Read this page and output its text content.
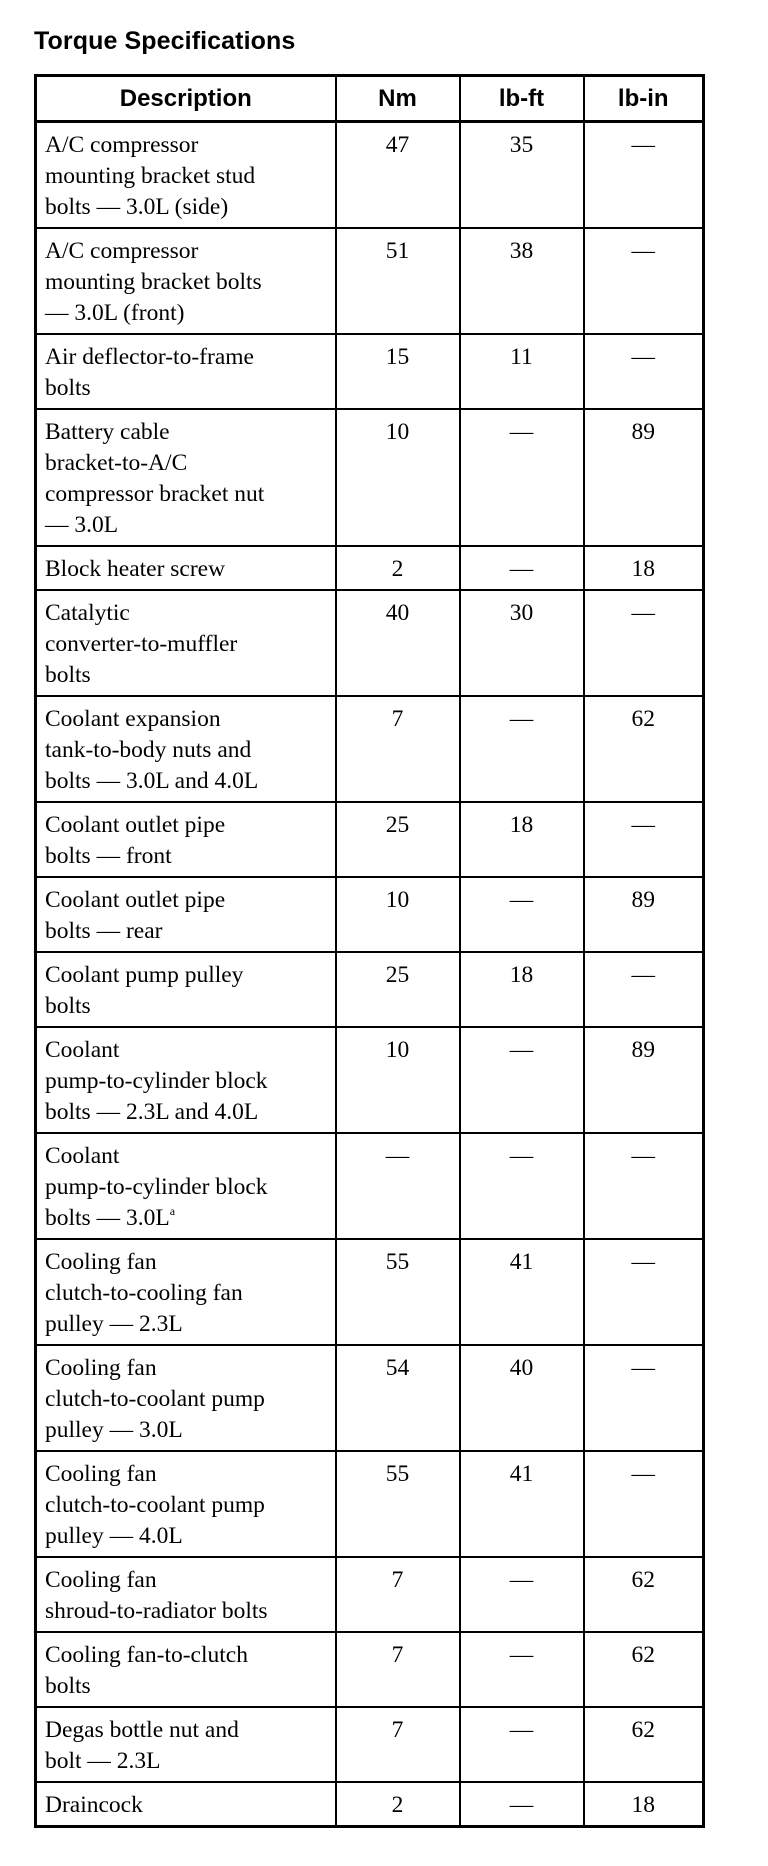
Torque Specifications
Description	Nm	lb-ft	lb-in

A/C compressor
mounting bracket stud
bolts — 3.0L (side)	47	35	—

A/C compressor
mounting bracket bolts
— 3.0L (front)	51	38	—

Air deflector-to-frame
bolts	15	11	—

Battery cable
bracket-to-A/C
compressor bracket nut
— 3.0L	10	—	89

Block heater screw	2	—	18

Catalytic
converter-to-muffler
bolts	40	30	—

Coolant expansion
tank-to-body nuts and
bolts — 3.0L and 4.0L	7	—	62

Coolant outlet pipe
bolts — front	25	18	—

Coolant outlet pipe
bolts — rear	10	—	89

Coolant pump pulley
bolts	25	18	—

Coolant
pump-to-cylinder block
bolts — 2.3L and 4.0L	10	—	89

Coolant
pump-to-cylinder block
bolts — 3.0L$^a$	—	—	—

Cooling fan
clutch-to-cooling fan
pulley — 2.3L	55	41	—

Cooling fan
clutch-to-coolant pump
pulley — 3.0L	54	40	—

Cooling fan
clutch-to-coolant pump
pulley — 4.0L	55	41	—

Cooling fan
shroud-to-radiator bolts	7	—	62

Cooling fan-to-clutch
bolts	7	—	62

Degas bottle nut and
bolt — 2.3L	7	—	62

Draincock	2	—	18
